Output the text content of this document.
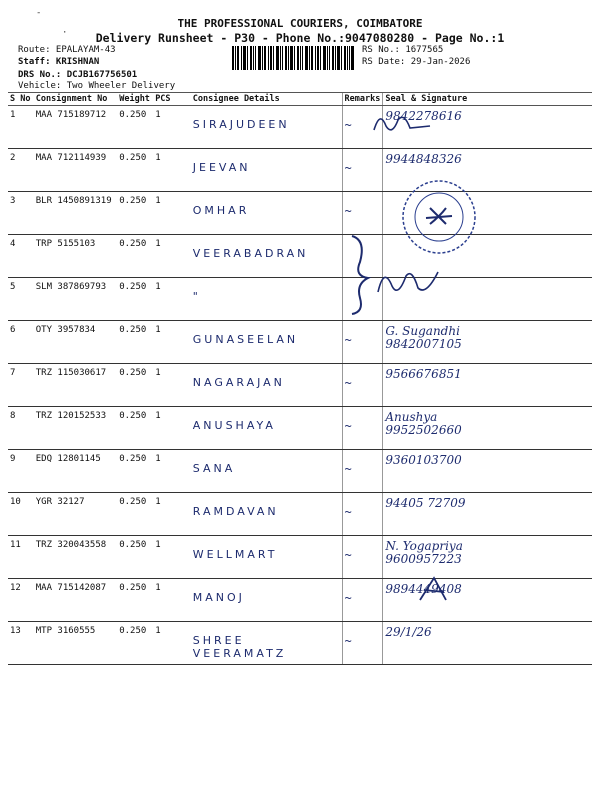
THE PROFESSIONAL COURIERS, COIMBATORE
Delivery Runsheet - P30 - Phone No.:9047080280 - Page No.:1
Route: EPALAYAM-43
Staff: KRISHNAN
DRS No.: DCJB167756501
Vehicle: Two Wheeler Delivery
RS No.: 1677565
RS Date: 29-Jan-2026
-
·
S No	Consignment No	Weight	PCS	Consignee Details	Remarks	Seal & Signature
1	MAA 715189712	0.250	1	SIRAJUDEEN	~	9842278616
2	MAA 712114939	0.250	1	JEEVAN	~	9944848326
3	BLR 1450891319	0.250	1	OMHAR	~	
4	TRP 5155103	0.250	1	VEERABADRAN		
5	SLM 387869793	0.250	1	"		
6	OTY 3957834	0.250	1	GUNASEELAN	~	G. Sugandhi
9842007105
7	TRZ 115030617	0.250	1	NAGARAJAN	~	9566676851
8	TRZ 120152533	0.250	1	ANUSHAYA	~	Anushya
9952502660
9	EDQ 12801145	0.250	1	SANA	~	9360103700
10	YGR 32127	0.250	1	RAMDAVAN	~	94405 72709
11	TRZ 320043558	0.250	1	WELLMART	~	N. Yogapriya
9600957223
12	MAA 715142087	0.250	1	MANOJ	~	9894449408
13	MTP 3160555	0.250	1	SHREE VEERAMATZ	~	29/1/26
